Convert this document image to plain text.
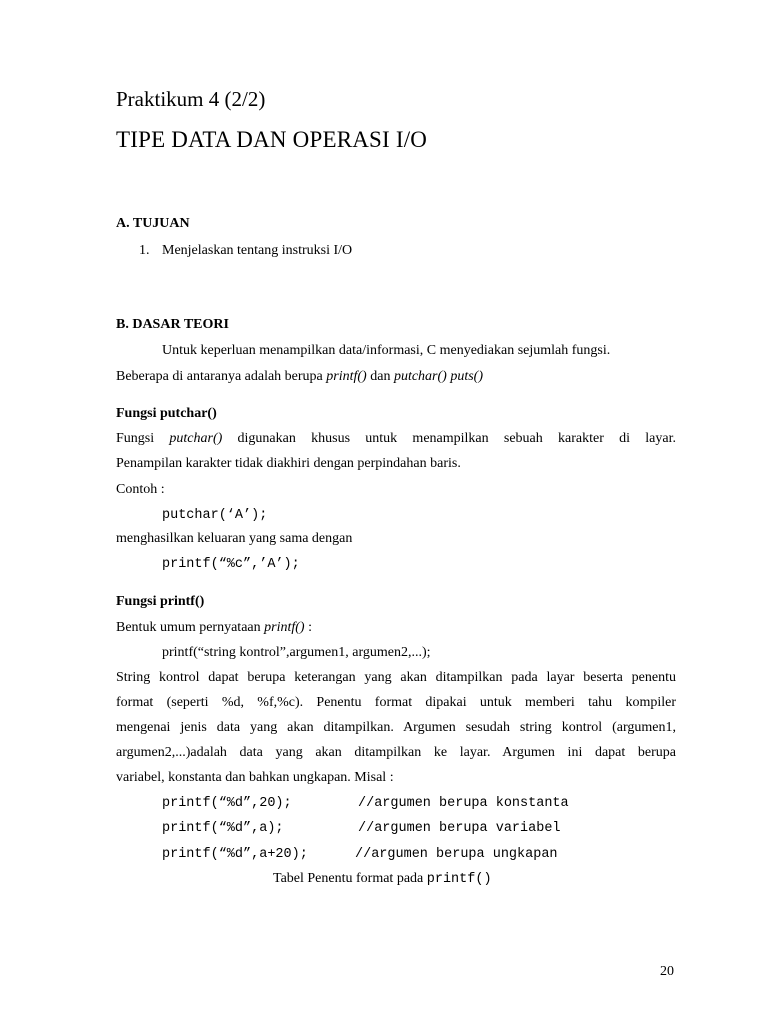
Praktikum 4 (2/2)
TIPE DATA DAN OPERASI I/O
A. TUJUAN
1. Menjelaskan tentang instruksi I/O
B. DASAR TEORI
Untuk keperluan menampilkan data/informasi, C menyediakan sejumlah fungsi.
Beberapa di antaranya adalah berupa printf() dan putchar() puts()
Fungsi putchar()
Fungsi putchar() digunakan khusus untuk menampilkan sebuah karakter di layar.
Penampilan karakter tidak diakhiri dengan perpindahan baris.
Contoh :
putchar(‘A’);
menghasilkan keluaran yang sama dengan
printf(“%c”,’A’);
Fungsi printf()
Bentuk umum pernyataan printf() :
printf(“string kontrol”,argumen1, argumen2,...);
String kontrol dapat berupa keterangan yang akan ditampilkan pada layar beserta penentu
format (seperti %d, %f,%c). Penentu format dipakai untuk memberi tahu kompiler
mengenai jenis data yang akan ditampilkan. Argumen sesudah string kontrol (argumen1,
argumen2,...)adalah data yang akan ditampilkan ke layar. Argumen ini dapat berupa
variabel, konstanta dan bahkan ungkapan. Misal :
printf(“%d”,20);	//argumen berupa konstanta
printf(“%d”,a);	//argumen berupa variabel
printf(“%d”,a+20);	//argumen berupa ungkapan
Tabel Penentu format pada printf()
20
